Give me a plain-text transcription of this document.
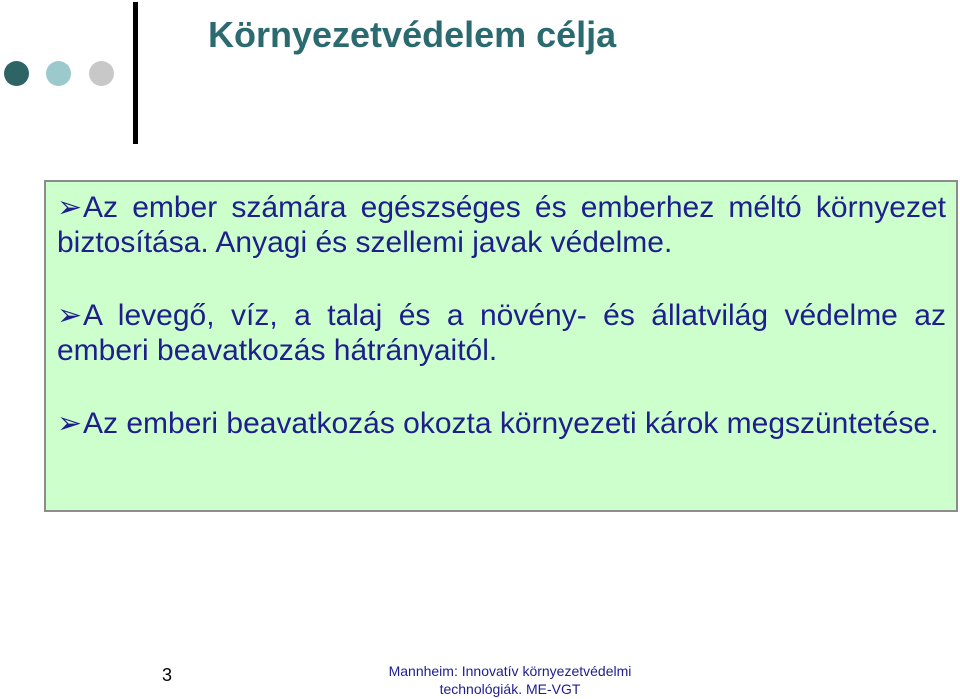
Környezetvédelem célja

➢Az ember számára egészséges és emberhez méltó környezet biztosítása. Anyagi és szellemi javak védelme.

➢A levegő, víz, a talaj és a növény- és állatvilág védelme az emberi beavatkozás hátrányaitól.

➢Az emberi beavatkozás okozta környezeti károk megszüntetése.

3	Mannheim: Innovatív környezetvédelmi
technológiák. ME-VGT
